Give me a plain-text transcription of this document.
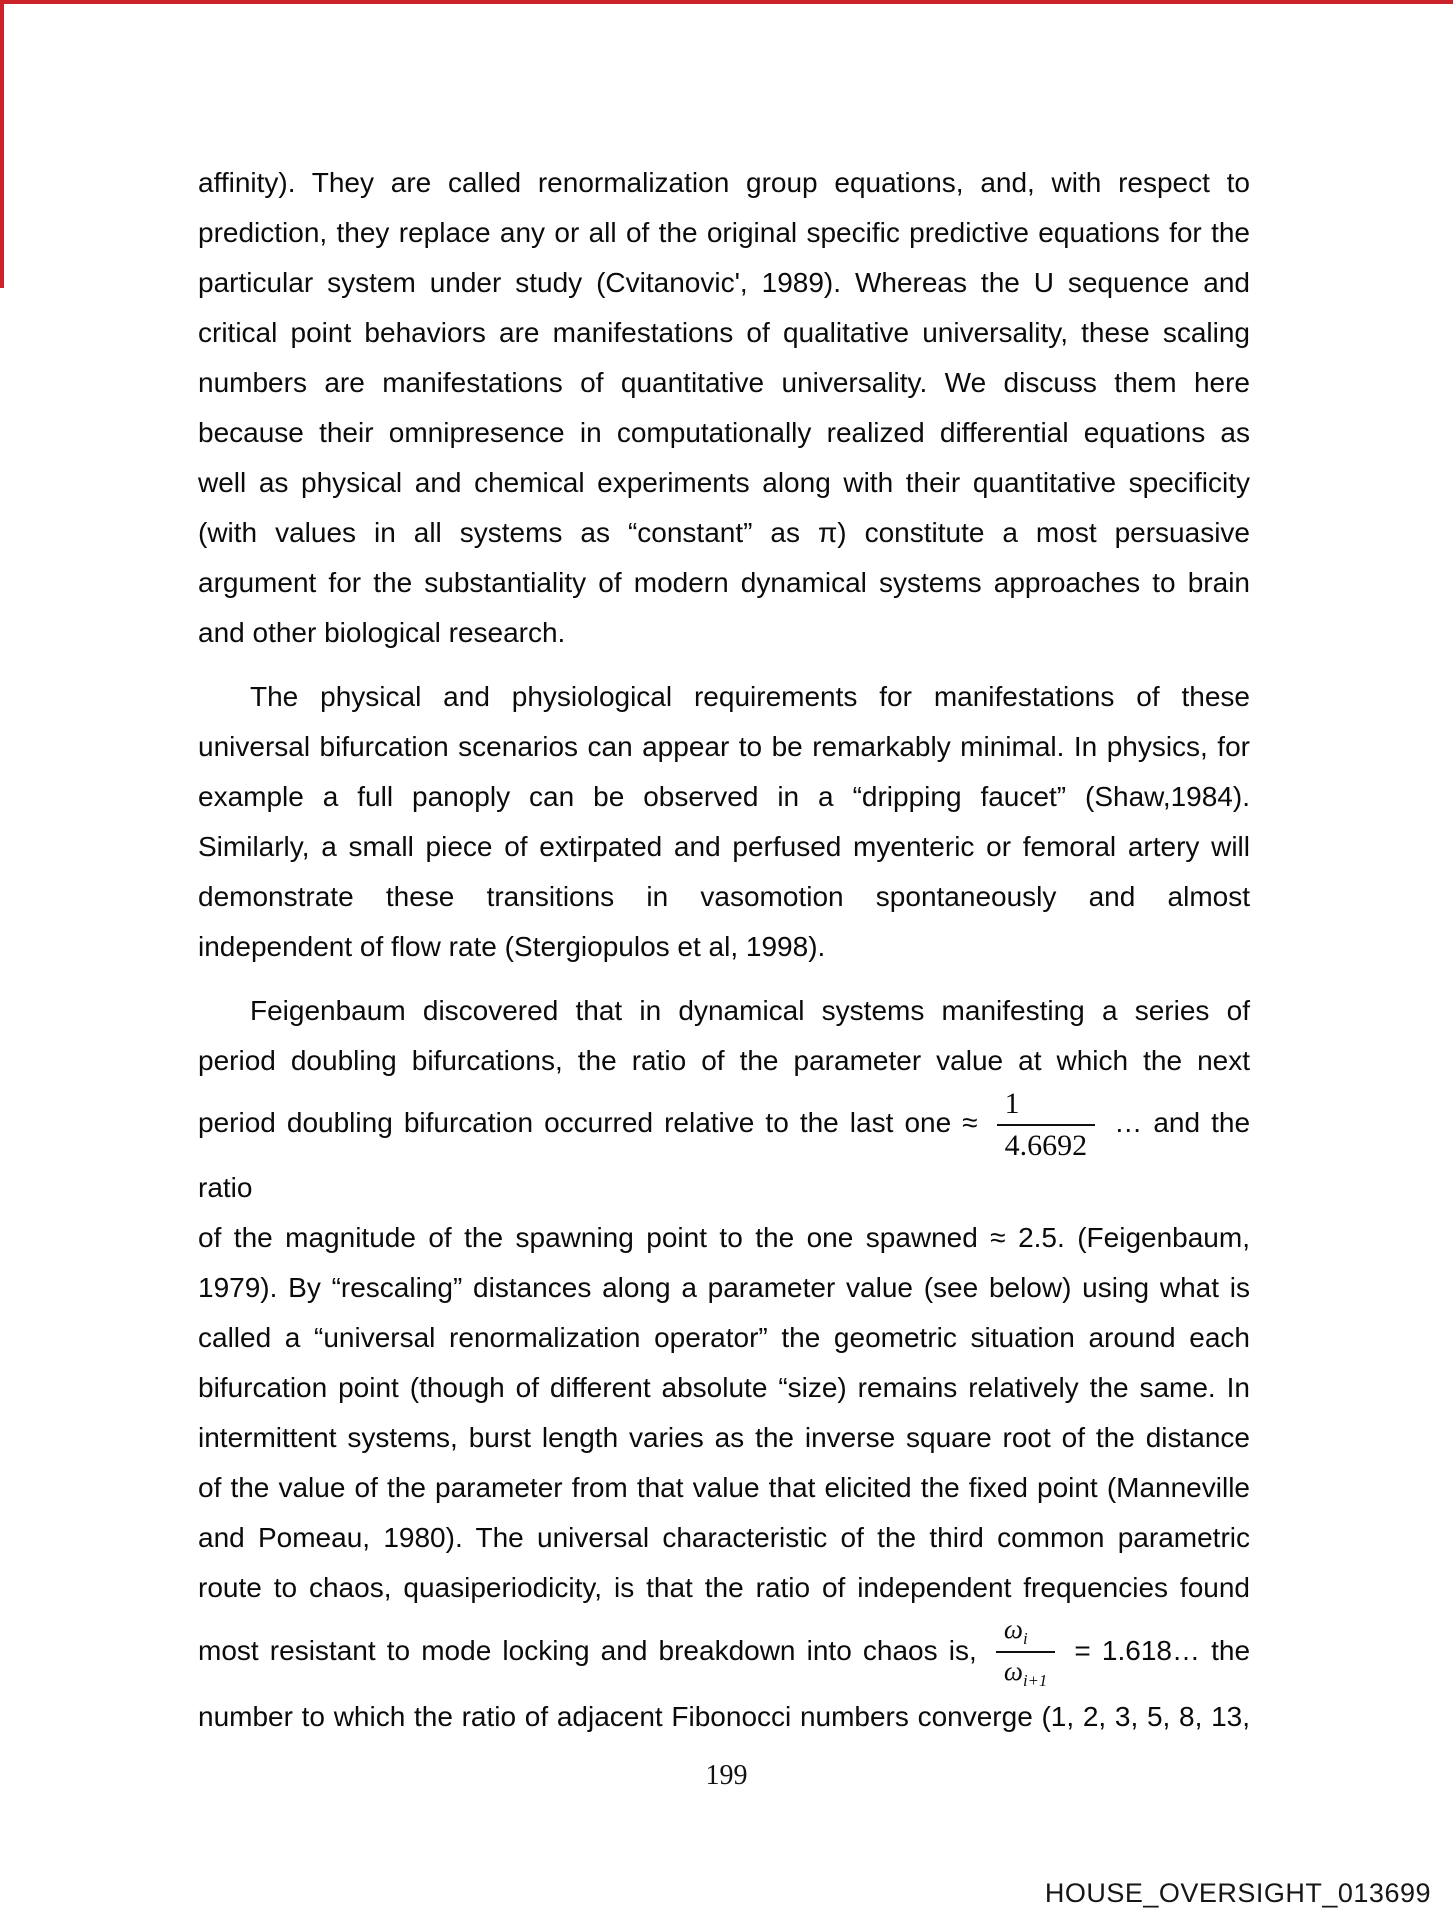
affinity). They are called renormalization group equations, and, with respect to
prediction, they replace any or all of the original specific predictive equations for the
particular system under study (Cvitanovic', 1989). Whereas the U sequence and
critical point behaviors are manifestations of qualitative universality, these scaling
numbers are manifestations of quantitative universality. We discuss them here
because their omnipresence in computationally realized differential equations as
well as physical and chemical experiments along with their quantitative specificity
(with values in all systems as “constant” as π) constitute a most persuasive
argument for the substantiality of modern dynamical systems approaches to brain
and other biological research.
The physical and physiological requirements for manifestations of these
universal bifurcation scenarios can appear to be remarkably minimal. In physics, for
example a full panoply can be observed in a “dripping faucet” (Shaw,1984).
Similarly, a small piece of extirpated and perfused myenteric or femoral artery will
demonstrate these transitions in vasomotion spontaneously and almost
independent of flow rate (Stergiopulos et al, 1998).
Feigenbaum discovered that in dynamical systems manifesting a series of
period doubling bifurcations, the ratio of the parameter value at which the next
period doubling bifurcation occurred relative to the last one ≈ $\frac{1}{4.6692}$ … and the ratio
of the magnitude of the spawning point to the one spawned ≈ 2.5. (Feigenbaum,
1979). By “rescaling” distances along a parameter value (see below) using what is
called a “universal renormalization operator” the geometric situation around each
bifurcation point (though of different absolute “size) remains relatively the same. In
intermittent systems, burst length varies as the inverse square root of the distance
of the value of the parameter from that value that elicited the fixed point (Manneville
and Pomeau, 1980). The universal characteristic of the third common parametric
route to chaos, quasiperiodicity, is that the ratio of independent frequencies found
most resistant to mode locking and breakdown into chaos is, $\frac{\omega_i}{\omega_{i+1}}$ = 1.618… the
number to which the ratio of adjacent Fibonocci numbers converge (1, 2, 3, 5, 8, 13,
199
HOUSE_OVERSIGHT_013699
